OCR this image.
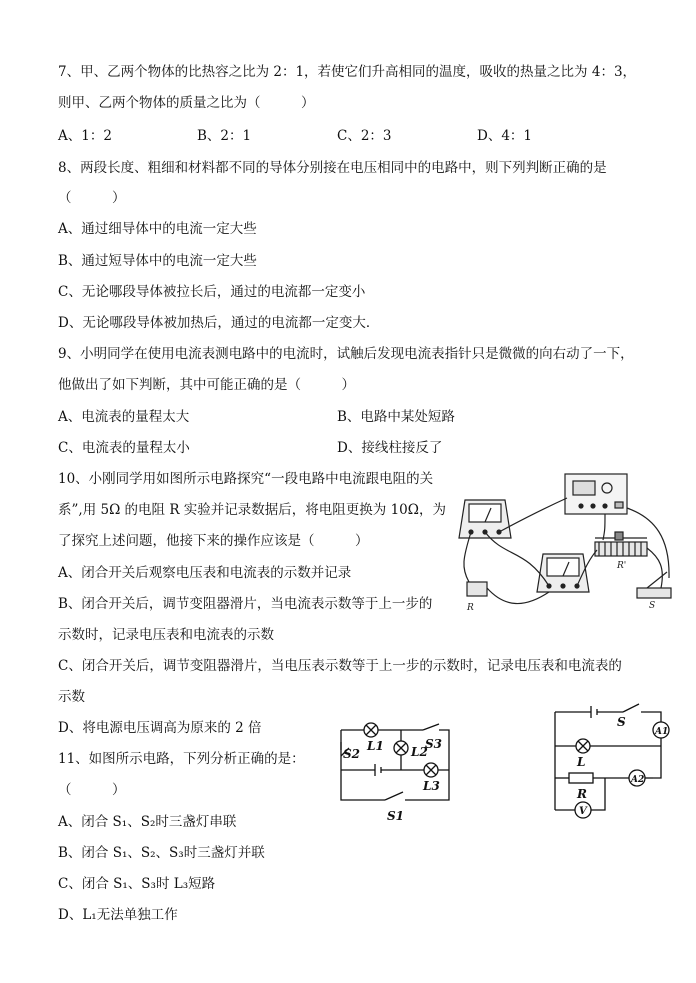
7、甲、乙两个物体的比热容之比为 2：1，若使它们升高相同的温度，吸收的热量之比为 4：3，
则甲、乙两个物体的质量之比为（　　　）
A、1：2	B、2：1	C、2：3	D、4：1
8、两段长度、粗细和材料都不同的导体分别接在电压相同中的电路中，则下列判断正确的是
（　　　）
A、通过细导体中的电流一定大些
B、通过短导体中的电流一定大些
C、无论哪段导体被拉长后，通过的电流都一定变小
D、无论哪段导体被加热后，通过的电流都一定变大．
9、小明同学在使用电流表测电路中的电流时，试触后发现电流表指针只是微微的向右动了一下，
他做出了如下判断，其中可能正确的是（　　　）
A、电流表的量程太大	B、电路中某处短路
C、电流表的量程太小	D、接线柱接反了
10、小刚同学用如图所示电路探究“一段电路中电流跟电阻的关
系”,用 5Ω 的电阻 R 实验并记录数据后，将电阻更换为 10Ω，为
了探究上述问题，他接下来的操作应该是（　　　）
A、闭合开关后观察电压表和电流表的示数并记录
B、闭合开关后，调节变阻器滑片，当电流表示数等于上一步的
示数时，记录电压表和电流表的示数
C、闭合开关后，调节变阻器滑片，当电压表示数等于上一步的示数时，记录电压表和电流表的
示数
D、将电源电压调高为原来的 2 倍
11、如图所示电路，下列分析正确的是：
（　　　）
A、闭合 S₁、S₂时三盏灯串联
B、闭合 S₁、S₂、S₃时三盏灯并联
C、闭合 S₁、S₃时 L₃短路
D、L₁无法单独工作
R
R'
S
L1 L2
L3
S2
S3
S1
S
A1
L
A2
R
V
